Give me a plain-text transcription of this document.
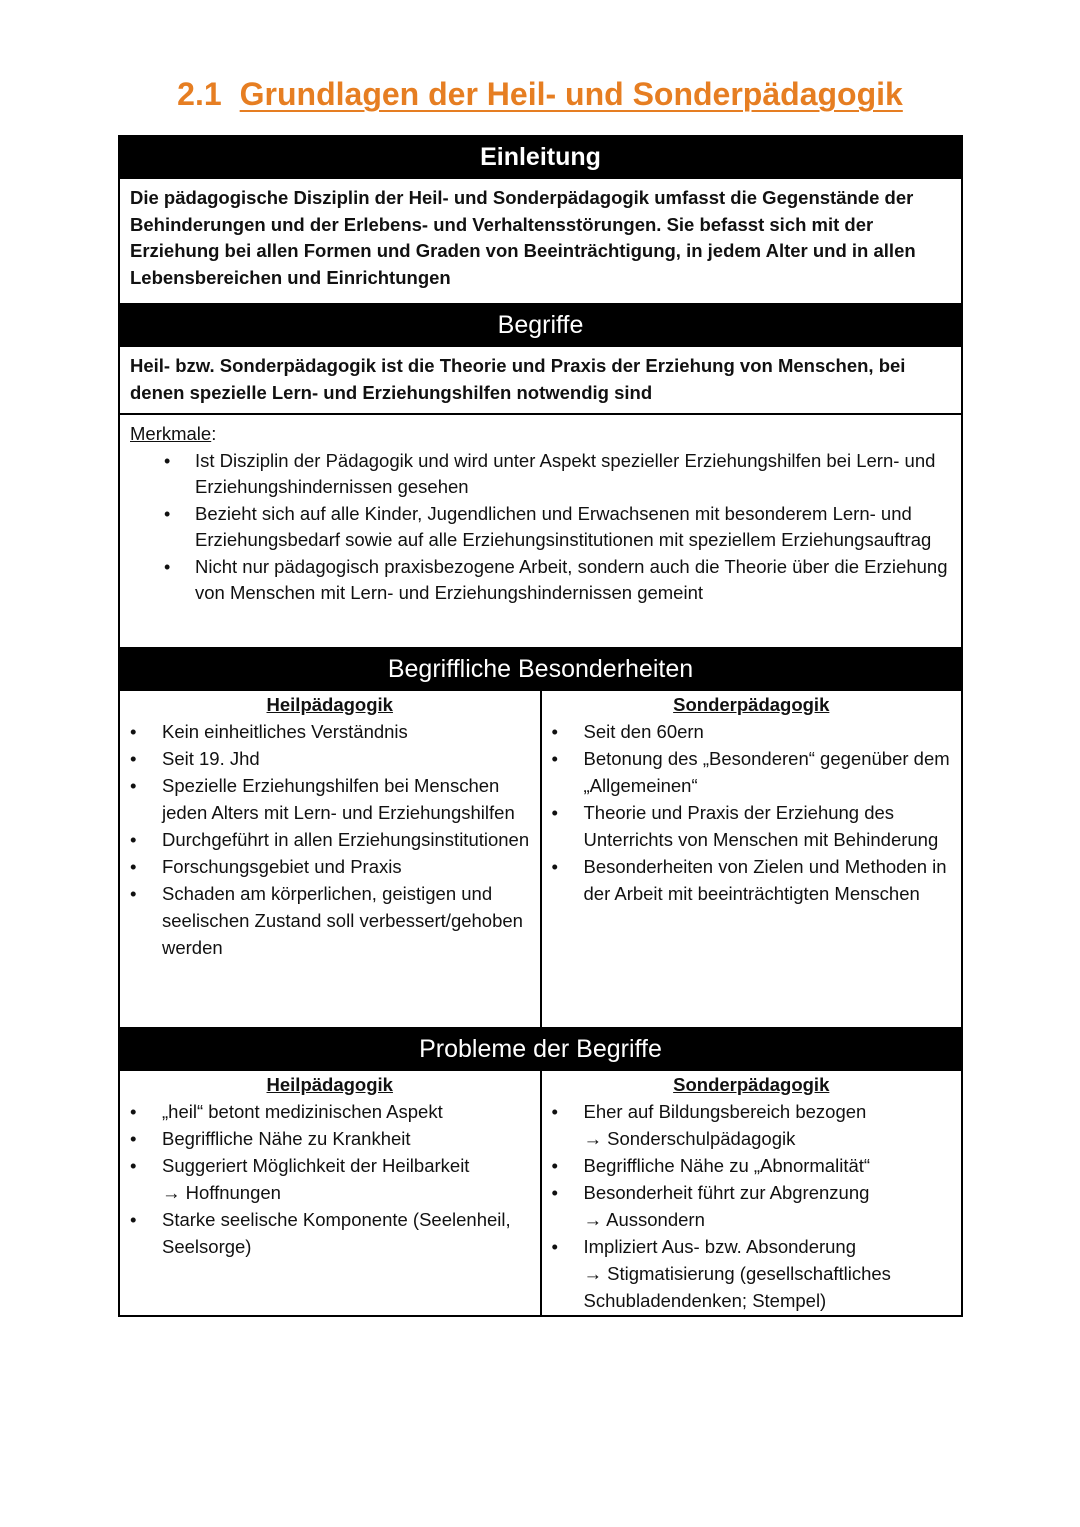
2.1 Grundlagen der Heil- und Sonderpädagogik
Einleitung
Die pädagogische Disziplin der Heil- und Sonderpädagogik umfasst die Gegenstände der Behinderungen und der Erlebens- und Verhaltensstörungen. Sie befasst sich mit der Erziehung bei allen Formen und Graden von Beeinträchtigung, in jedem Alter und in allen Lebensbereichen und Einrichtungen
Begriffe
Heil- bzw. Sonderpädagogik ist die Theorie und Praxis der Erziehung von Menschen, bei denen spezielle Lern- und Erziehungshilfen notwendig sind
Merkmale:
• Ist Disziplin der Pädagogik und wird unter Aspekt spezieller Erziehungshilfen bei Lern- und Erziehungshindernissen gesehen
• Bezieht sich auf alle Kinder, Jugendlichen und Erwachsenen mit besonderem Lern- und Erziehungsbedarf sowie auf alle Erziehungsinstitutionen mit speziellem Erziehungsauftrag
• Nicht nur pädagogisch praxisbezogene Arbeit, sondern auch die Theorie über die Erziehung von Menschen mit Lern- und Erziehungshindernissen gemeint
Begriffliche Besonderheiten
Heilpädagogik
• Kein einheitliches Verständnis
• Seit 19. Jhd
• Spezielle Erziehungshilfen bei Menschen jeden Alters mit Lern- und Erziehungshilfen
• Durchgeführt in allen Erziehungsinstitutionen
• Forschungsgebiet und Praxis
• Schaden am körperlichen, geistigen und seelischen Zustand soll verbessert/gehoben werden
Sonderpädagogik
• Seit den 60ern
• Betonung des „Besonderen“ gegenüber dem „Allgemeinen“
• Theorie und Praxis der Erziehung des Unterrichts von Menschen mit Behinderung
• Besonderheiten von Zielen und Methoden in der Arbeit mit beeinträchtigten Menschen
Probleme der Begriffe
Heilpädagogik
• „heil“ betont medizinischen Aspekt
• Begriffliche Nähe zu Krankheit
• Suggeriert Möglichkeit der Heilbarkeit
→ Hoffnungen
• Starke seelische Komponente (Seelenheil, Seelsorge)
Sonderpädagogik
• Eher auf Bildungsbereich bezogen
→ Sonderschulpädagogik
• Begriffliche Nähe zu „Abnormalität“
• Besonderheit führt zur Abgrenzung
→ Aussondern
• Impliziert Aus- bzw. Absonderung
→ Stigmatisierung (gesellschaftliches Schubladendenken; Stempel)
